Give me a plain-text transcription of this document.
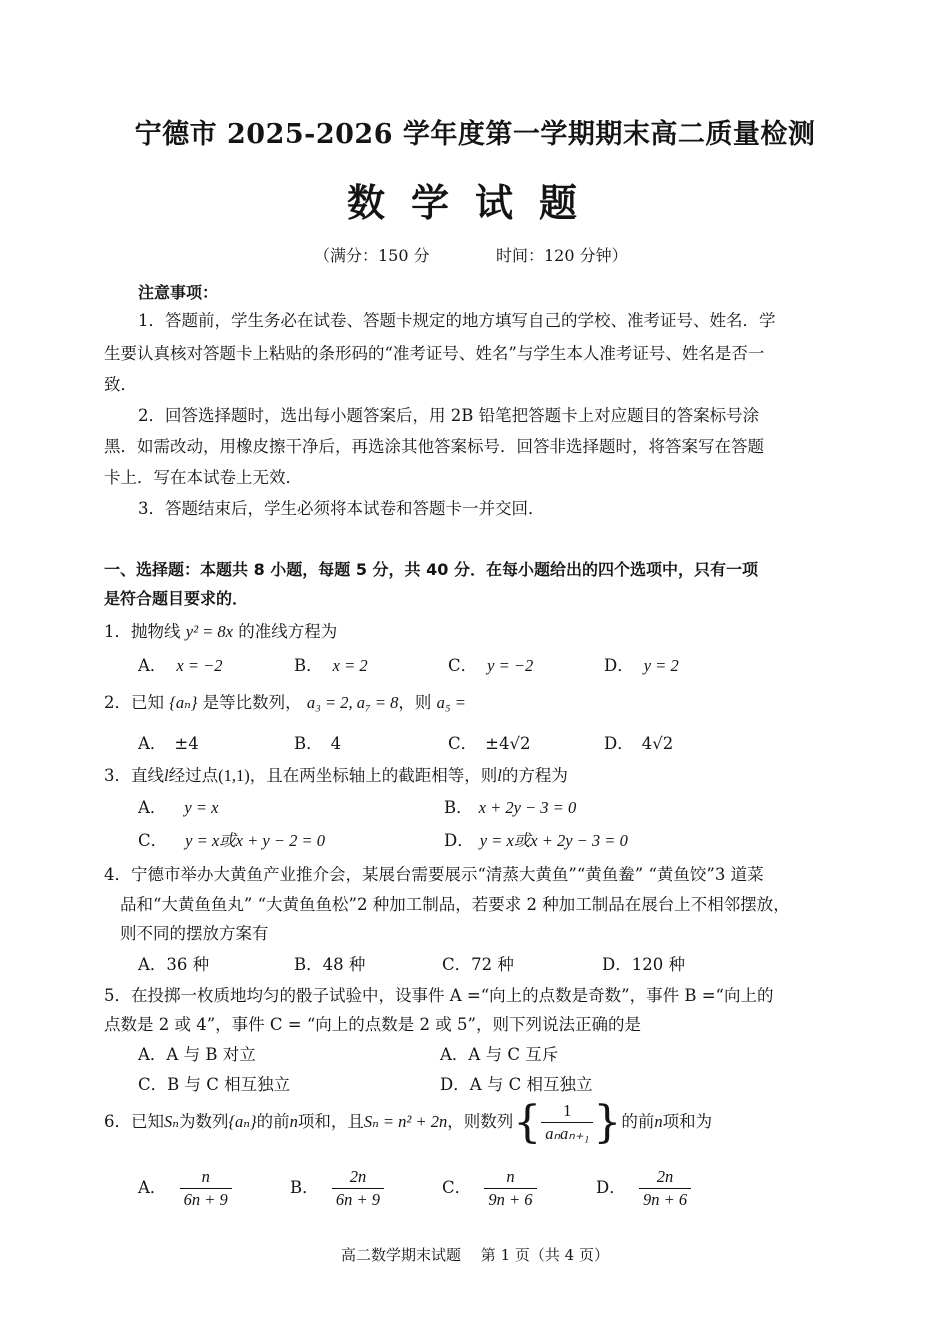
宁德市 2025-2026 学年度第一学期期末高二质量检测
数学试题
（满分：150 分	时间：120 分钟）
注意事项：
1．答题前，学生务必在试卷、答题卡规定的地方填写自己的学校、准考证号、姓名．学
生要认真核对答题卡上粘贴的条形码的“准考证号、姓名”与学生本人准考证号、姓名是否一
致．
2．回答选择题时，选出每小题答案后，用 2B 铅笔把答题卡上对应题目的答案标号涂
黑．如需改动，用橡皮擦干净后，再选涂其他答案标号．回答非选择题时，将答案写在答题
卡上．写在本试卷上无效．
3．答题结束后，学生必须将本试卷和答题卡一并交回．
一、选择题：本题共 8 小题，每题 5 分，共 40 分．在每小题给出的四个选项中，只有一项
是符合题目要求的．
1．抛物线 y² = 8x 的准线方程为
A． x = −2	B． x = 2	C． y = −2	D． y = 2
2．已知 {aₙ} 是等比数列， a₃ = 2, a₇ = 8，则 a₅ =
A． ±4	B． 4	C． ±4√2	D． 4√2
3．直线l经过点(1,1)，且在两坐标轴上的截距相等，则l的方程为
A． y = x	B． x + 2y − 3 = 0
C． y = x或x + y − 2 = 0	D． y = x或x + 2y − 3 = 0
4．宁德市举办大黄鱼产业推介会，某展台需要展示“清蒸大黄鱼”“黄鱼鲞” “黄鱼饺”3 道菜
品和“大黄鱼鱼丸” “大黄鱼鱼松”2 种加工制品，若要求 2 种加工制品在展台上不相邻摆放，
则不同的摆放方案有
A．36 种	B．48 种	C．72 种	D．120 种
5．在投掷一枚质地均匀的骰子试验中，设事件 A =“向上的点数是奇数”，事件 B =“向上的
点数是 2 或 4”，事件 C = “向上的点数是 2 或 5”，则下列说法正确的是
A．A 与 B 对立	A．A 与 C 互斥
C．B 与 C 相互独立	D．A 与 C 相互独立
6．已知Sₙ为数列{aₙ}的前n项和，且Sₙ = n² + 2n，则数列{ $\frac{1}{\text{aₙaₙ₊₁}}$ }的前n项和为
A． $\frac{n}{6n + 9}$	B． $\frac{2n}{6n + 9}$	C． $\frac{n}{9n + 6}$	D． $\frac{2n}{9n + 6}$
高二数学期末试题　 第 1 页（共 4 页）
